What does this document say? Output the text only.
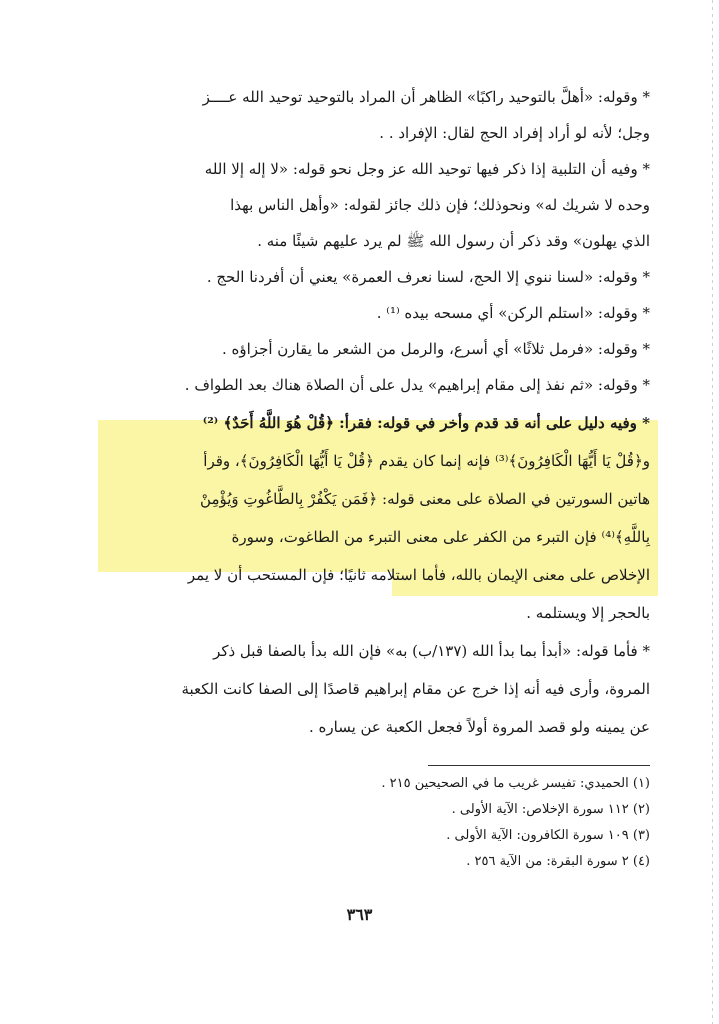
* وقوله: «أهلَّ بالتوحيد راكبًا» الظاهر أن المراد بالتوحيد توحيد الله عــــز
وجل؛ لأنه لو أراد إفراد الحج لقال: الإفراد . .
* وفيه أن التلبية إذا ذكر فيها توحيد الله عز وجل نحو قوله: «لا إله إلا الله
وحده لا شريك له» ونحوذلك؛ فإن ذلك جائز لقوله: «وأهل الناس بهذا
الذي يهلون» وقد ذكر أن رسول الله ﷺ لم يرد عليهم شيئًا منه .
* وقوله: «لسنا ننوي إلا الحج، لسنا نعرف العمرة» يعني أن أفردنا الحج .
* وقوله: «استلم الركن» أي مسحه بيده ⁽¹⁾ .
* وقوله: «فرمل ثلاثًا» أي أسرع، والرمل من الشعر ما يقارن أجزاؤه .
* وقوله: «ثم نفذ إلى مقام إبراهيم» يدل على أن الصلاة هناك بعد الطواف .
* وفيه دليل على أنه قد قدم وأخر في قوله: فقرأ: ﴿قُلْ هُوَ اللَّهُ أَحَدٌ﴾ ⁽²⁾
و﴿قُلْ يَا أَيُّهَا الْكَافِرُونَ﴾⁽³⁾ فإنه إنما كان يقدم ﴿قُلْ يَا أَيُّهَا الْكَافِرُونَ﴾، وقرأ
هاتين السورتين في الصلاة على معنى قوله: ﴿فَمَن يَكْفُرْ بِالطَّاغُوتِ وَيُؤْمِنْ
بِاللَّهِ﴾⁽⁴⁾ فإن التبرء من الكفر على معنى التبرء من الطاغوت، وسورة
الإخلاص على معنى الإيمان بالله، فأما استلامه ثانيًا؛ فإن المستحب أن لا يمر
بالحجر إلا ويستلمه .
* فأما قوله: «أبدأ بما بدأ الله (١٣٧/ب) به» فإن الله بدأ بالصفا قبل ذكر
المروة، وأرى فيه أنه إذا خرج عن مقام إبراهيم قاصدًا إلى الصفا كانت الكعبة
عن يمينه ولو قصد المروة أولاً فجعل الكعبة عن يساره .
(١) الحميدي: تفيسر غريب ما في الصحيحين ٢١٥ .
(٢) ١١٢ سورة الإخلاص: الآية الأولى .
(٣) ١٠٩ سورة الكافرون: الآية الأولى .
(٤) ٢ سورة البقرة: من الآية ٢٥٦ .
٣٦٣
